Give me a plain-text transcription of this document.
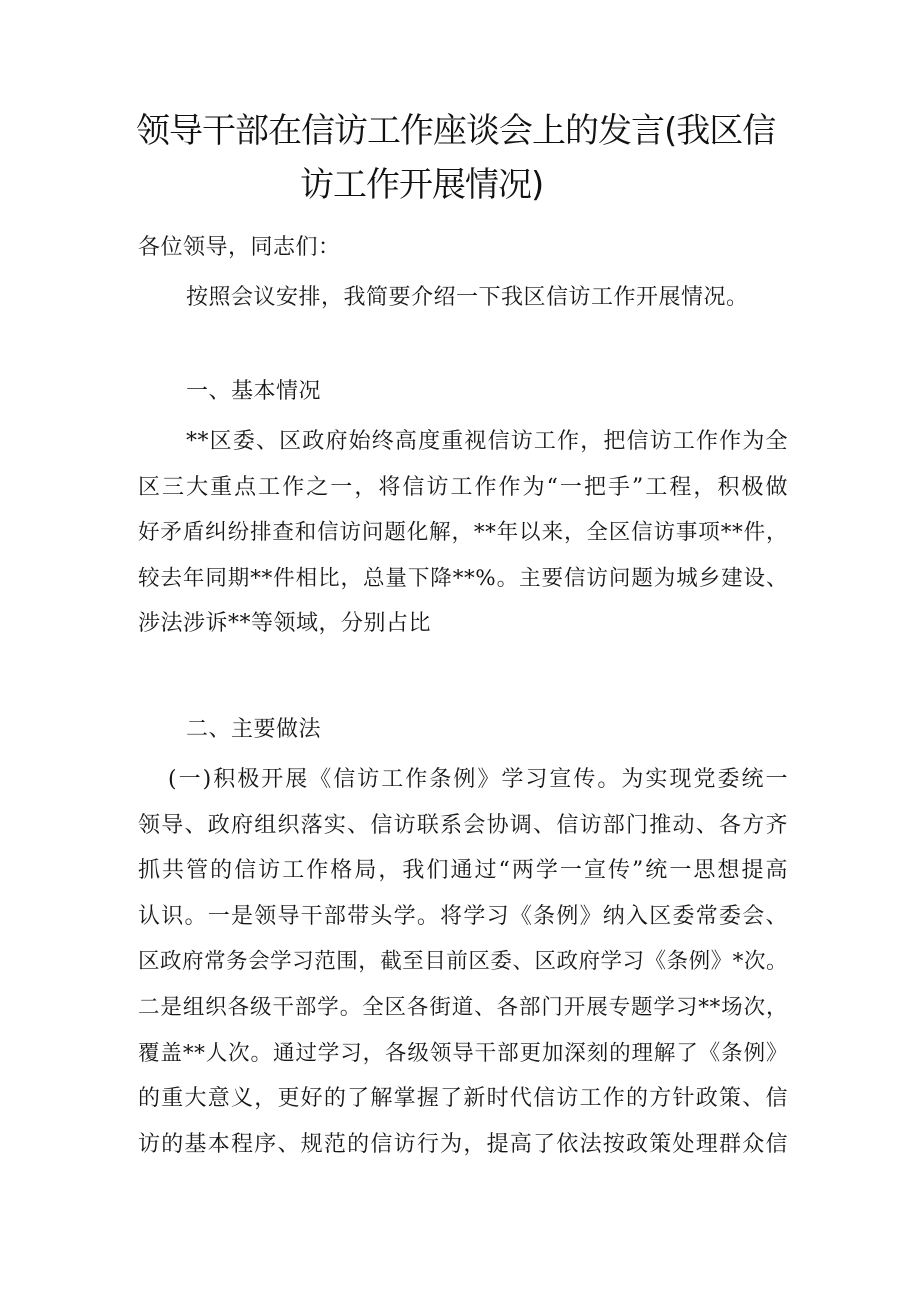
领导干部在信访工作座谈会上的发言(我区信
访工作开展情况)
各位领导，同志们：
按照会议安排，我简要介绍一下我区信访工作开展情况。
一、基本情况
**区委、区政府始终高度重视信访工作，把信访工作作为全
区三大重点工作之一，将信访工作作为“一把手”工程，积极做
好矛盾纠纷排查和信访问题化解，**年以来，全区信访事项**件，
较去年同期**件相比，总量下降**%。主要信访问题为城乡建设、
涉法涉诉**等领域，分别占比
二、主要做法
(一)积极开展《信访工作条例》学习宣传。为实现党委统一
领导、政府组织落实、信访联系会协调、信访部门推动、各方齐
抓共管的信访工作格局，我们通过“两学一宣传”统一思想提高
认识。一是领导干部带头学。将学习《条例》纳入区委常委会、
区政府常务会学习范围，截至目前区委、区政府学习《条例》*次。
二是组织各级干部学。全区各街道、各部门开展专题学习**场次，
覆盖**人次。通过学习，各级领导干部更加深刻的理解了《条例》
的重大意义，更好的了解掌握了新时代信访工作的方针政策、信
访的基本程序、规范的信访行为，提高了依法按政策处理群众信
